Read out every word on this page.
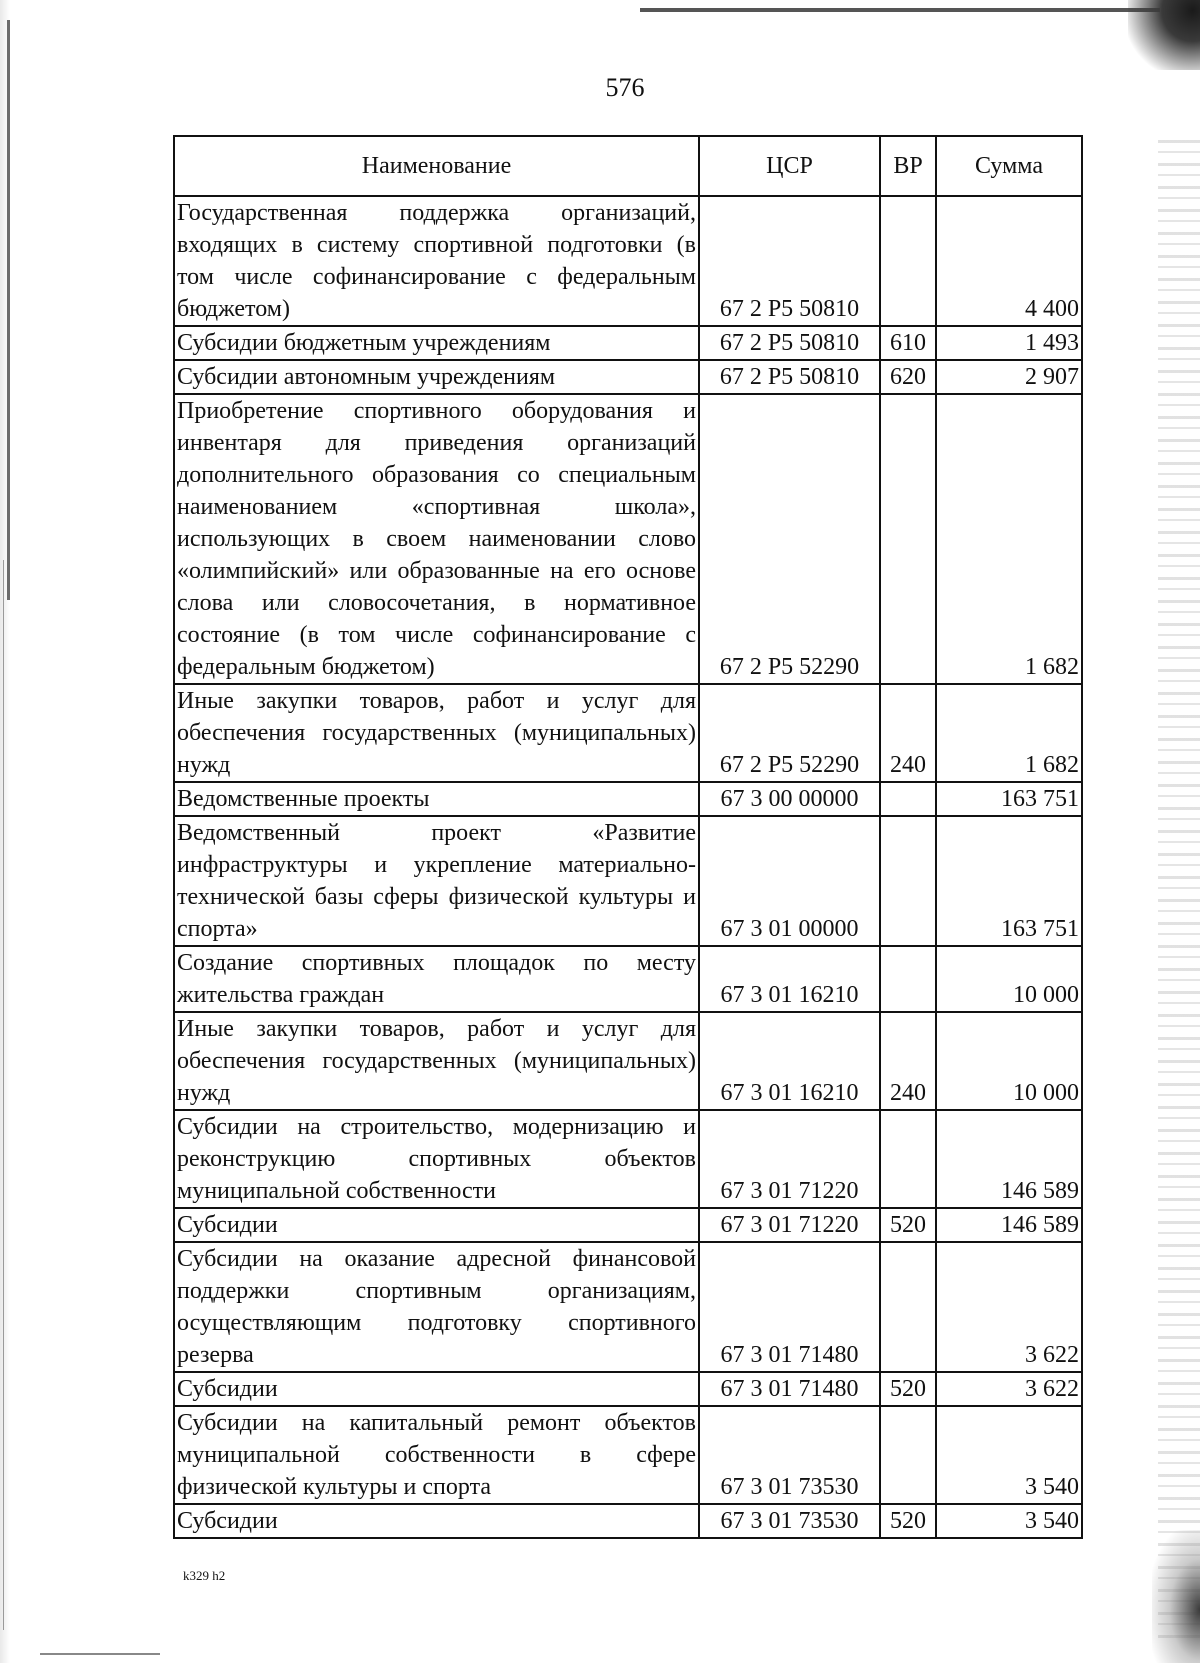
576
Наименование	ЦСР	ВР	Сумма
Государственная поддержка организаций, входящих в систему спортивной подготовки (в том числе софинансирование с федеральным бюджетом)	67 2 P5 50810		4 400
Субсидии бюджетным учреждениям	67 2 P5 50810	610	1 493
Субсидии автономным учреждениям	67 2 P5 50810	620	2 907
Приобретение спортивного оборудования и инвентаря для приведения организаций дополнительного образования со специальным наименованием «спортивная школа», использующих в своем наименовании слово «олимпийский» или образованные на его основе слова или словосочетания, в нормативное состояние (в том числе софинансирование с федеральным бюджетом)	67 2 P5 52290		1 682
Иные закупки товаров, работ и услуг для обеспечения государственных (муниципальных) нужд	67 2 P5 52290	240	1 682
Ведомственные проекты	67 3 00 00000		163 751
Ведомственный проект «Развитие инфраструктуры и укрепление материально-технической базы сферы физической культуры и спорта»	67 3 01 00000		163 751
Создание спортивных площадок по месту жительства граждан	67 3 01 16210		10 000
Иные закупки товаров, работ и услуг для обеспечения государственных (муниципальных) нужд	67 3 01 16210	240	10 000
Субсидии на строительство, модернизацию и реконструкцию спортивных объектов муниципальной собственности	67 3 01 71220		146 589
Субсидии	67 3 01 71220	520	146 589
Субсидии на оказание адресной финансовой поддержки спортивным организациям, осуществляющим подготовку спортивного резерва	67 3 01 71480		3 622
Субсидии	67 3 01 71480	520	3 622
Субсидии на капитальный ремонт объектов муниципальной собственности в сфере физической культуры и спорта	67 3 01 73530		3 540
Субсидии	67 3 01 73530	520	3 540
k329 h2
